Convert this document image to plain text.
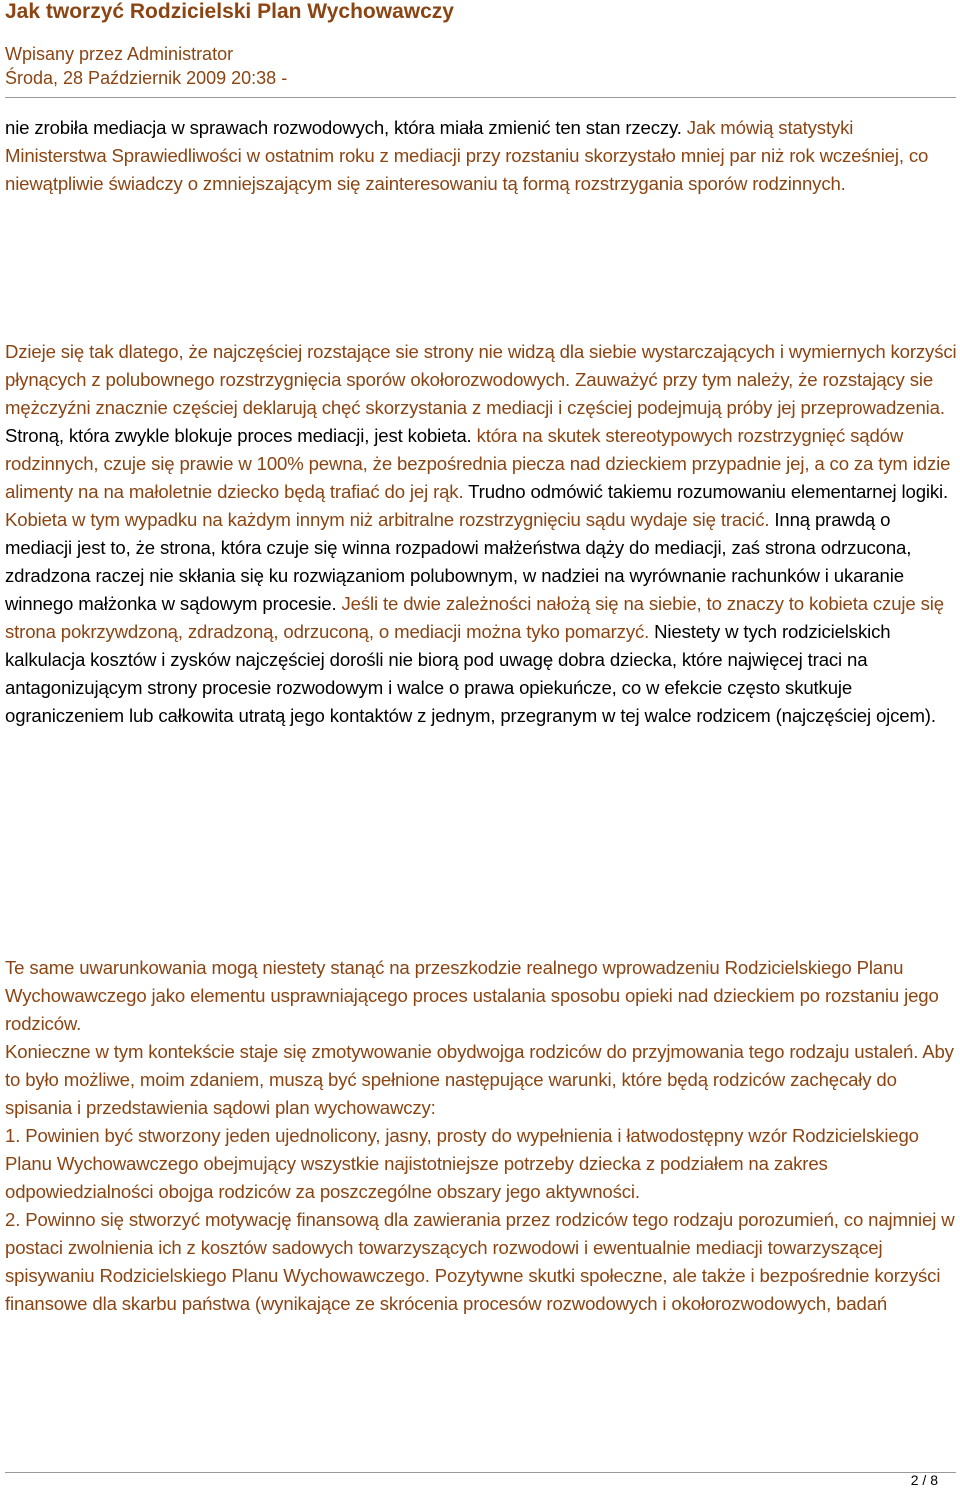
Jak tworzyć Rodzicielski Plan Wychowawczy
Wpisany przez Administrator
Środa, 28 Październik 2009 20:38 -

nie zrobiła mediacja w sprawach rozwodowych, która miała zmienić ten stan rzeczy. Jak mówią statystyki Ministerstwa Sprawiedliwości w ostatnim roku z mediacji przy rozstaniu skorzystało mniej par niż rok wcześniej, co niewątpliwie świadczy o zmniejszającym się zainteresowaniu tą formą rozstrzygania sporów rodzinnych.

Dzieje się tak dlatego, że najczęściej rozstające sie strony nie widzą dla siebie wystarczających i wymiernych korzyści płynących z polubownego rozstrzygnięcia sporów okołorozwodowych. Zauważyć przy tym należy, że rozstający sie mężczyźni znacznie częściej deklarują chęć skorzystania z mediacji i częściej podejmują próby jej przeprowadzenia. Stroną, która zwykle blokuje proces mediacji, jest kobieta. która na skutek stereotypowych rozstrzygnięć sądów rodzinnych, czuje się prawie w 100% pewna, że bezpośrednia piecza nad dzieckiem przypadnie jej, a co za tym idzie alimenty na na małoletnie dziecko będą trafiać do jej rąk. Trudno odmówić takiemu rozumowaniu elementarnej logiki. Kobieta w tym wypadku na każdym innym niż arbitralne rozstrzygnięciu sądu wydaje się tracić. Inną prawdą o mediacji jest to, że strona, która czuje się winna rozpadowi małżeństwa dąży do mediacji, zaś strona odrzucona, zdradzona raczej nie skłania się ku rozwiązaniom polubownym, w nadziei na wyrównanie rachunków i ukaranie winnego małżonka w sądowym procesie. Jeśli te dwie zależności nałożą się na siebie, to znaczy to kobieta czuje się strona pokrzywdzoną, zdradzoną, odrzuconą, o mediacji można tyko pomarzyć. Niestety w tych rodzicielskich kalkulacja kosztów i zysków najczęściej dorośli nie biorą pod uwagę dobra dziecka, które najwięcej traci na antagonizującym strony procesie rozwodowym i walce o prawa opiekuńcze, co w efekcie często skutkuje ograniczeniem lub całkowita utratą jego kontaktów z jednym, przegranym w tej walce rodzicem (najczęściej ojcem).

Te same uwarunkowania mogą niestety stanąć na przeszkodzie realnego wprowadzeniu Rodzicielskiego Planu Wychowawczego jako elementu usprawniającego proces ustalania sposobu opieki nad dzieckiem po rozstaniu jego rodziców.
Konieczne w tym kontekście staje się zmotywowanie obydwojga rodziców do przyjmowania tego rodzaju ustaleń. Aby to było możliwe, moim zdaniem, muszą być spełnione następujące warunki, które będą rodziców zachęcały do spisania i przedstawienia sądowi plan wychowawczy:
1. Powinien być stworzony jeden ujednolicony, jasny, prosty do wypełnienia i łatwodostępny wzór Rodzicielskiego Planu Wychowawczego obejmujący wszystkie najistotniejsze potrzeby dziecka z podziałem na zakres odpowiedzialności obojga rodziców za poszczególne obszary jego aktywności.
2. Powinno się stworzyć motywację finansową dla zawierania przez rodziców tego rodzaju porozumień, co najmniej w postaci zwolnienia ich z kosztów sadowych towarzyszących rozwodowi i ewentualnie mediacji towarzyszącej spisywaniu Rodzicielskiego Planu Wychowawczego. Pozytywne skutki społeczne, ale także i bezpośrednie korzyści finansowe dla skarbu państwa (wynikające ze skrócenia procesów rozwodowych i okołorozwodowych, badań

2 / 8
